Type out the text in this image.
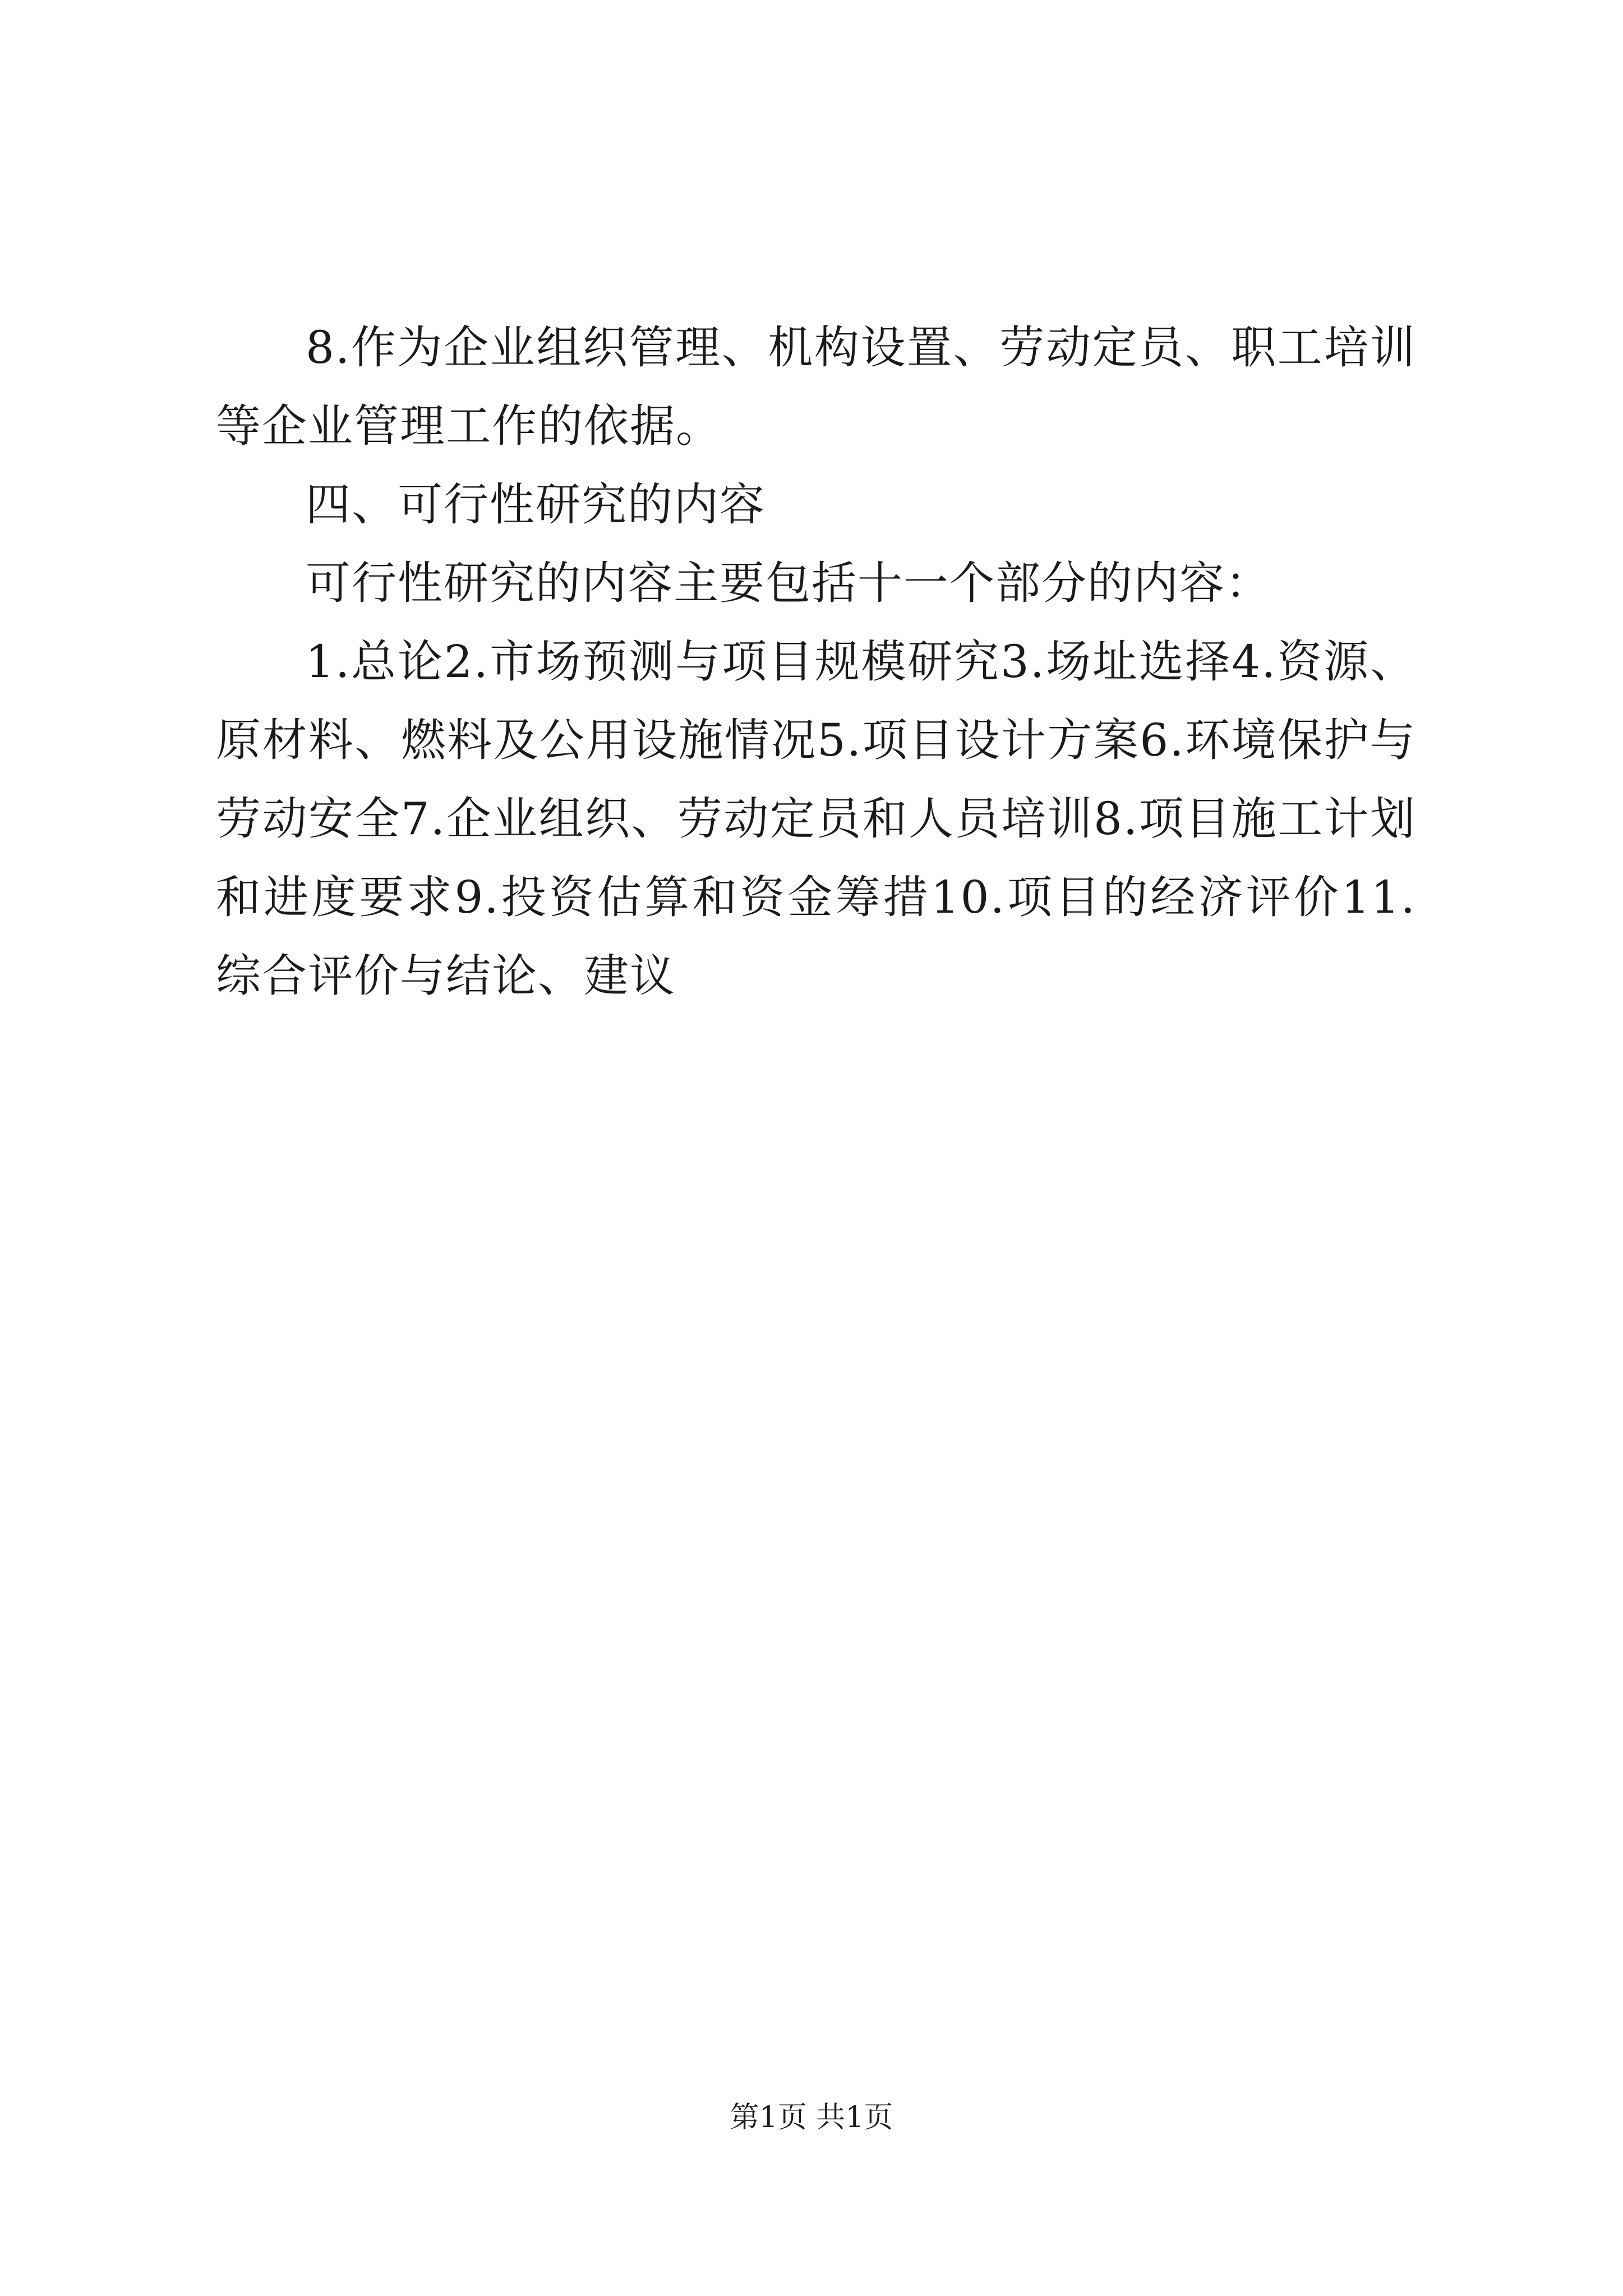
8.作为企业组织管理、机构设置、劳动定员、职工培训等企业管理工作的依据。

四、可行性研究的内容

可行性研究的内容主要包括十一个部分的内容：

1.总论2.市场预测与项目规模研究3.场址选择4.资源、原材料、燃料及公用设施情况5.项目设计方案6.环境保护与劳动安全7.企业组织、劳动定员和人员培训8.项目施工计划和进度要求9.投资估算和资金筹措10.项目的经济评价11.综合评价与结论、建议

第1页 共1页
